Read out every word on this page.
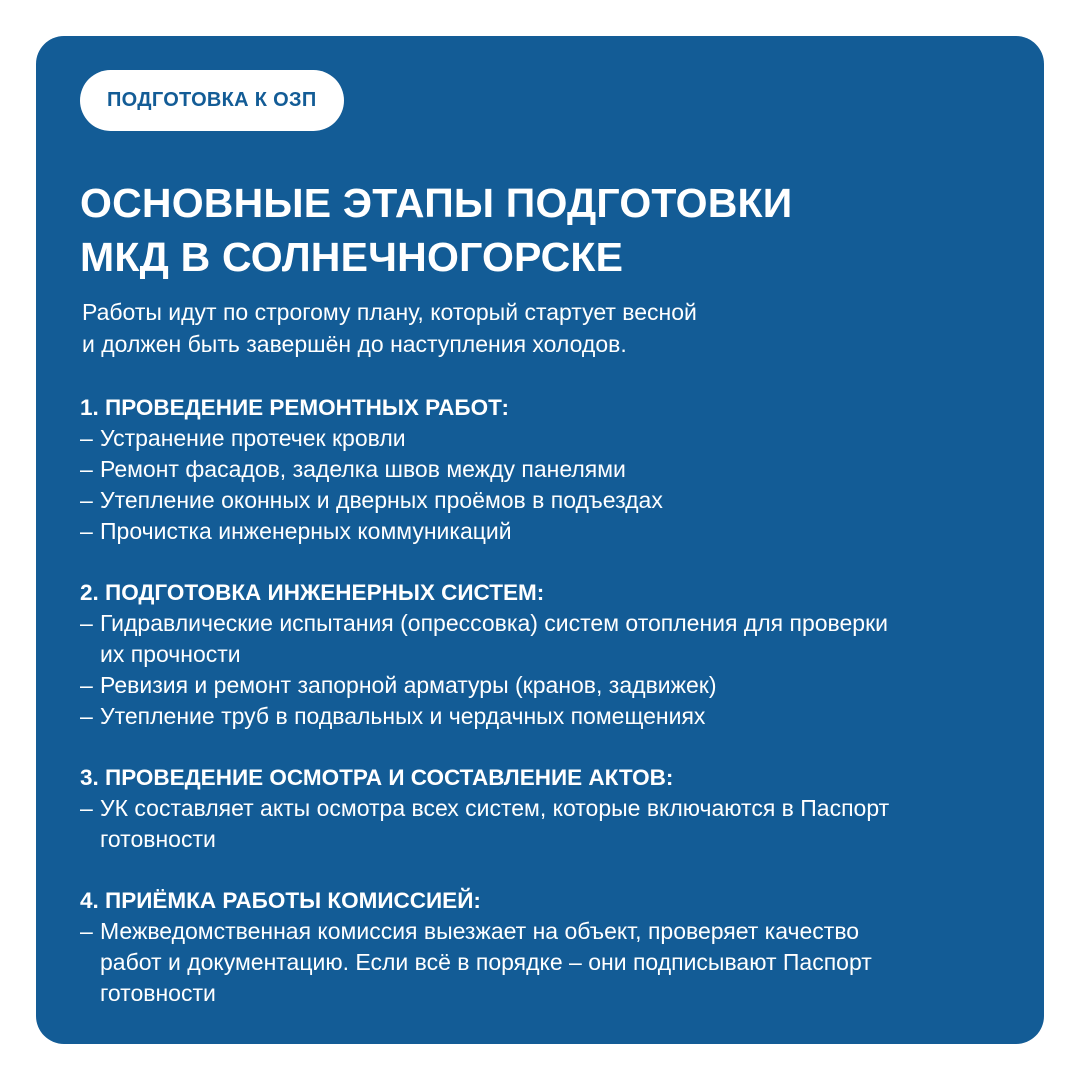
ПОДГОТОВКА К ОЗП
ОСНОВНЫЕ ЭТАПЫ ПОДГОТОВКИ
МКД В СОЛНЕЧНОГОРСКЕ

Работы идут по строгому плану, который стартует весной
и должен быть завершён до наступления холодов.

1. ПРОВЕДЕНИЕ РЕМОНТНЫХ РАБОТ:

– Устранение протечек кровли

– Ремонт фасадов, заделка швов между панелями

– Утепление оконных и дверных проёмов в подъездах

– Прочистка инженерных коммуникаций

2. ПОДГОТОВКА ИНЖЕНЕРНЫХ СИСТЕМ:

– Гидравлические испытания (опрессовка) систем отопления для проверки их прочности

– Ревизия и ремонт запорной арматуры (кранов, задвижек)

– Утепление труб в подвальных и чердачных помещениях

3. ПРОВЕДЕНИЕ ОСМОТРА И СОСТАВЛЕНИЕ АКТОВ:

– УК составляет акты осмотра всех систем, которые включаются в Паспорт готовности

4. ПРИЁМКА РАБОТЫ КОМИССИЕЙ:

– Межведомственная комиссия выезжает на объект, проверяет качество работ и документацию. Если всё в порядке – они подписывают Паспорт готовности
